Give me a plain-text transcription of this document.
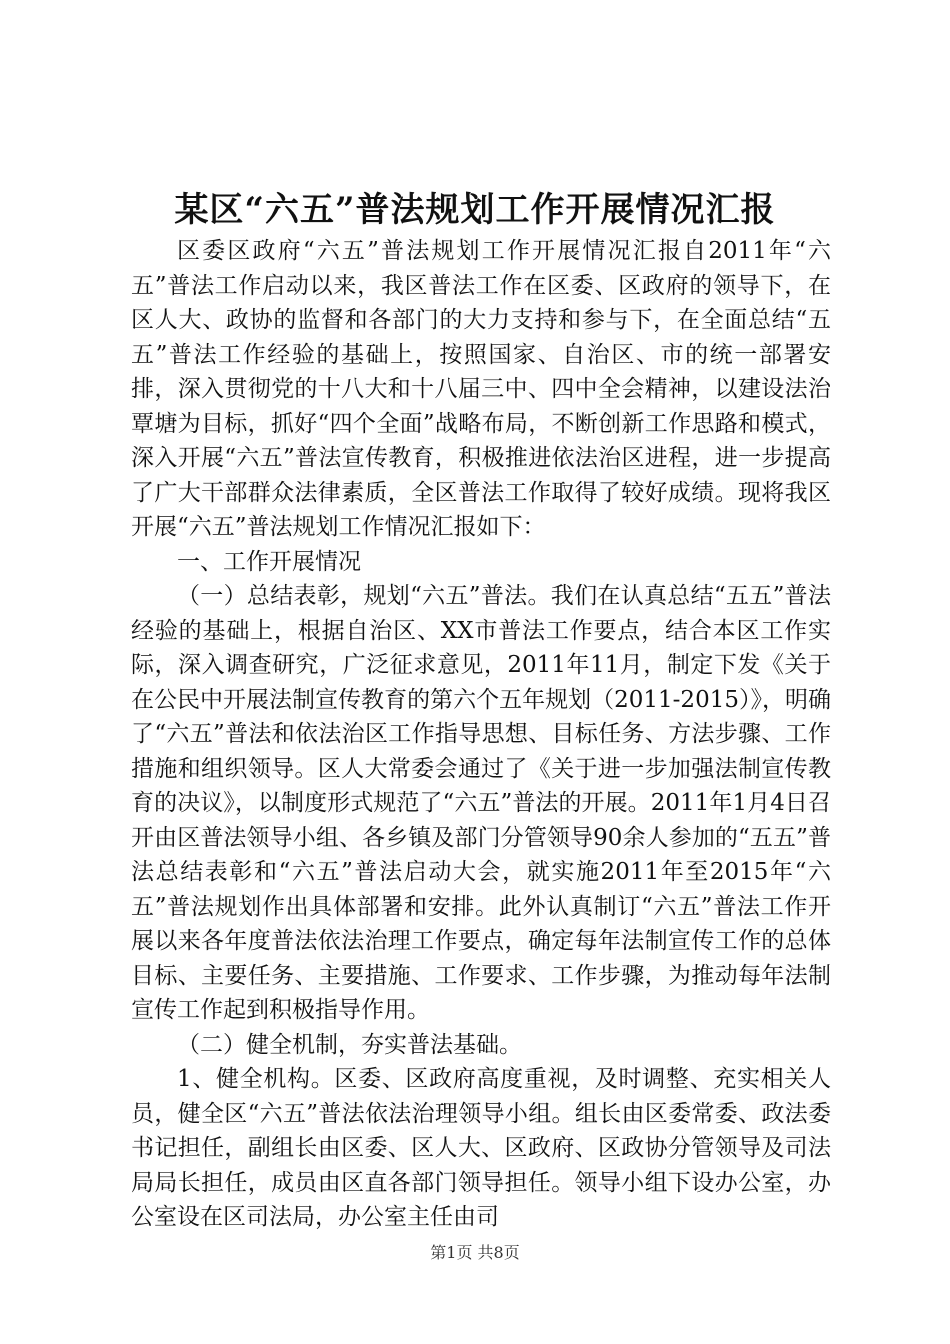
某区“六五”普法规划工作开展情况汇报

区委区政府“六五”普法规划工作开展情况汇报自2011年“六五”普法工作启动以来，我区普法工作在区委、区政府的领导下，在区人大、政协的监督和各部门的大力支持和参与下，在全面总结“五五”普法工作经验的基础上，按照国家、自治区、市的统一部署安排，深入贯彻党的十八大和十八届三中、四中全会精神，以建设法治覃塘为目标，抓好“四个全面”战略布局，不断创新工作思路和模式，深入开展“六五”普法宣传教育，积极推进依法治区进程，进一步提高了广大干部群众法律素质，全区普法工作取得了较好成绩。现将我区开展“六五”普法规划工作情况汇报如下：

一、工作开展情况

（一）总结表彰，规划“六五”普法。我们在认真总结“五五”普法经验的基础上，根据自治区、XX市普法工作要点，结合本区工作实际，深入调查研究，广泛征求意见，2011年11月，制定下发《关于在公民中开展法制宣传教育的第六个五年规划（2011-2015）》，明确了“六五”普法和依法治区工作指导思想、目标任务、方法步骤、工作措施和组织领导。区人大常委会通过了《关于进一步加强法制宣传教育的决议》，以制度形式规范了“六五”普法的开展。2011年1月4日召开由区普法领导小组、各乡镇及部门分管领导90余人参加的“五五”普法总结表彰和“六五”普法启动大会，就实施2011年至2015年“六五”普法规划作出具体部署和安排。此外认真制订“六五”普法工作开展以来各年度普法依法治理工作要点，确定每年法制宣传工作的总体目标、主要任务、主要措施、工作要求、工作步骤，为推动每年法制宣传工作起到积极指导作用。

（二）健全机制，夯实普法基础。

1、健全机构。区委、区政府高度重视，及时调整、充实相关人员，健全区“六五”普法依法治理领导小组。组长由区委常委、政法委书记担任，副组长由区委、区人大、区政府、区政协分管领导及司法局局长担任，成员由区直各部门领导担任。领导小组下设办公室，办公室设在区司法局，办公室主任由司

第1页 共8页
